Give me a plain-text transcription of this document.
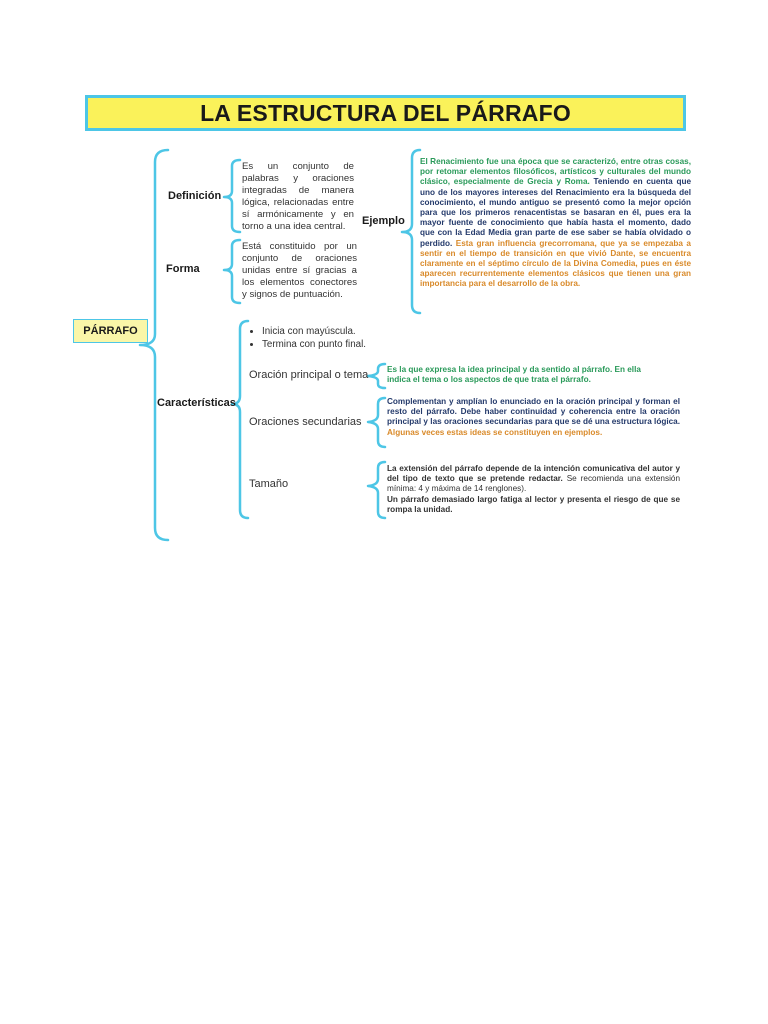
LA ESTRUCTURA DEL PÁRRAFO
PÁRRAFO
Definición
Es un conjunto de palabras y oraciones integradas de manera lógica, relacionadas entre sí armónicamente y en torno a una idea central.
Forma
Está constituido por un conjunto de oraciones unidas entre sí gracias a los elementos conectores y signos de puntuación.
Ejemplo
El Renacimiento fue una época que se caracterizó, entre otras cosas, por retomar elementos filosóficos, artísticos y culturales del mundo clásico, especialmente de Grecia y Roma. Teniendo en cuenta que uno de los mayores intereses del Renacimiento era la búsqueda del conocimiento, el mundo antiguo se presentó como la mejor opción para que los primeros renacentistas se basaran en él, pues era la mayor fuente de conocimiento que había hasta el momento, dado que con la Edad Media gran parte de ese saber se había olvidado o perdido. Esta gran influencia grecorromana, que ya se empezaba a sentir en el tiempo de transición en que vivió Dante, se encuentra claramente en el séptimo círculo de la Divina Comedia, pues en éste aparecen recurrentemente elementos clásicos que tienen una gran importancia para el desarrollo de la obra.
Características
• Inicia con mayúscula.
• Termina con punto final.
Oración principal o tema Es la que expresa la idea principal y da sentido al párrafo. En ella indica el tema o los aspectos de que trata el párrafo.
Oraciones secundarias
Complementan y amplían lo enunciado en la oración principal y forman el resto del párrafo. Debe haber continuidad y coherencia entre la oración principal y las oraciones secundarias para que se dé una estructura lógica. Algunas veces estas ideas se constituyen en ejemplos.
Tamaño
La extensión del párrafo depende de la intención comunicativa del autor y del tipo de texto que se pretende redactar. Se recomienda una extensión mínima: 4 y máxima de 14 renglones).
Un párrafo demasiado largo fatiga al lector y presenta el riesgo de que se rompa la unidad.
